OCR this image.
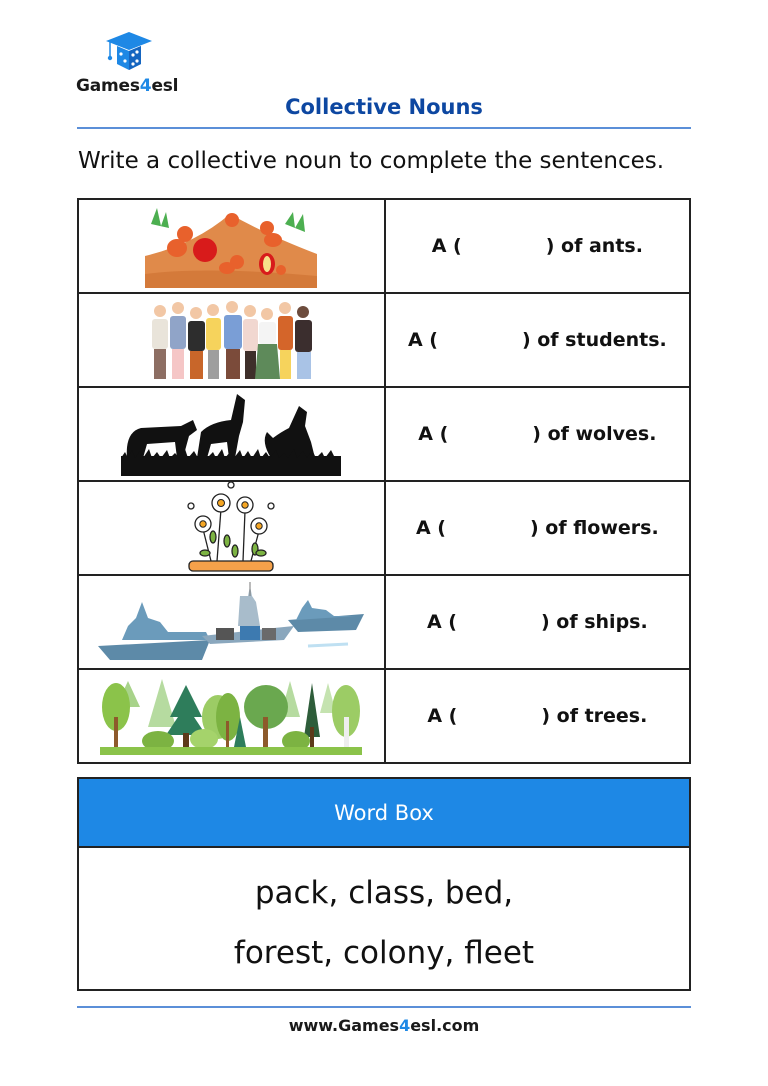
Games4esl
Collective Nouns
Write a collective noun to complete the sentences.
	A ( ) of ants.

	A ( ) of students.

	A ( ) of wolves.

	A ( ) of flowers.

	A ( ) of ships.

	A ( ) of trees.
Word Box
pack, class, bed,
forest, colony, fleet
www.Games4esl.com
